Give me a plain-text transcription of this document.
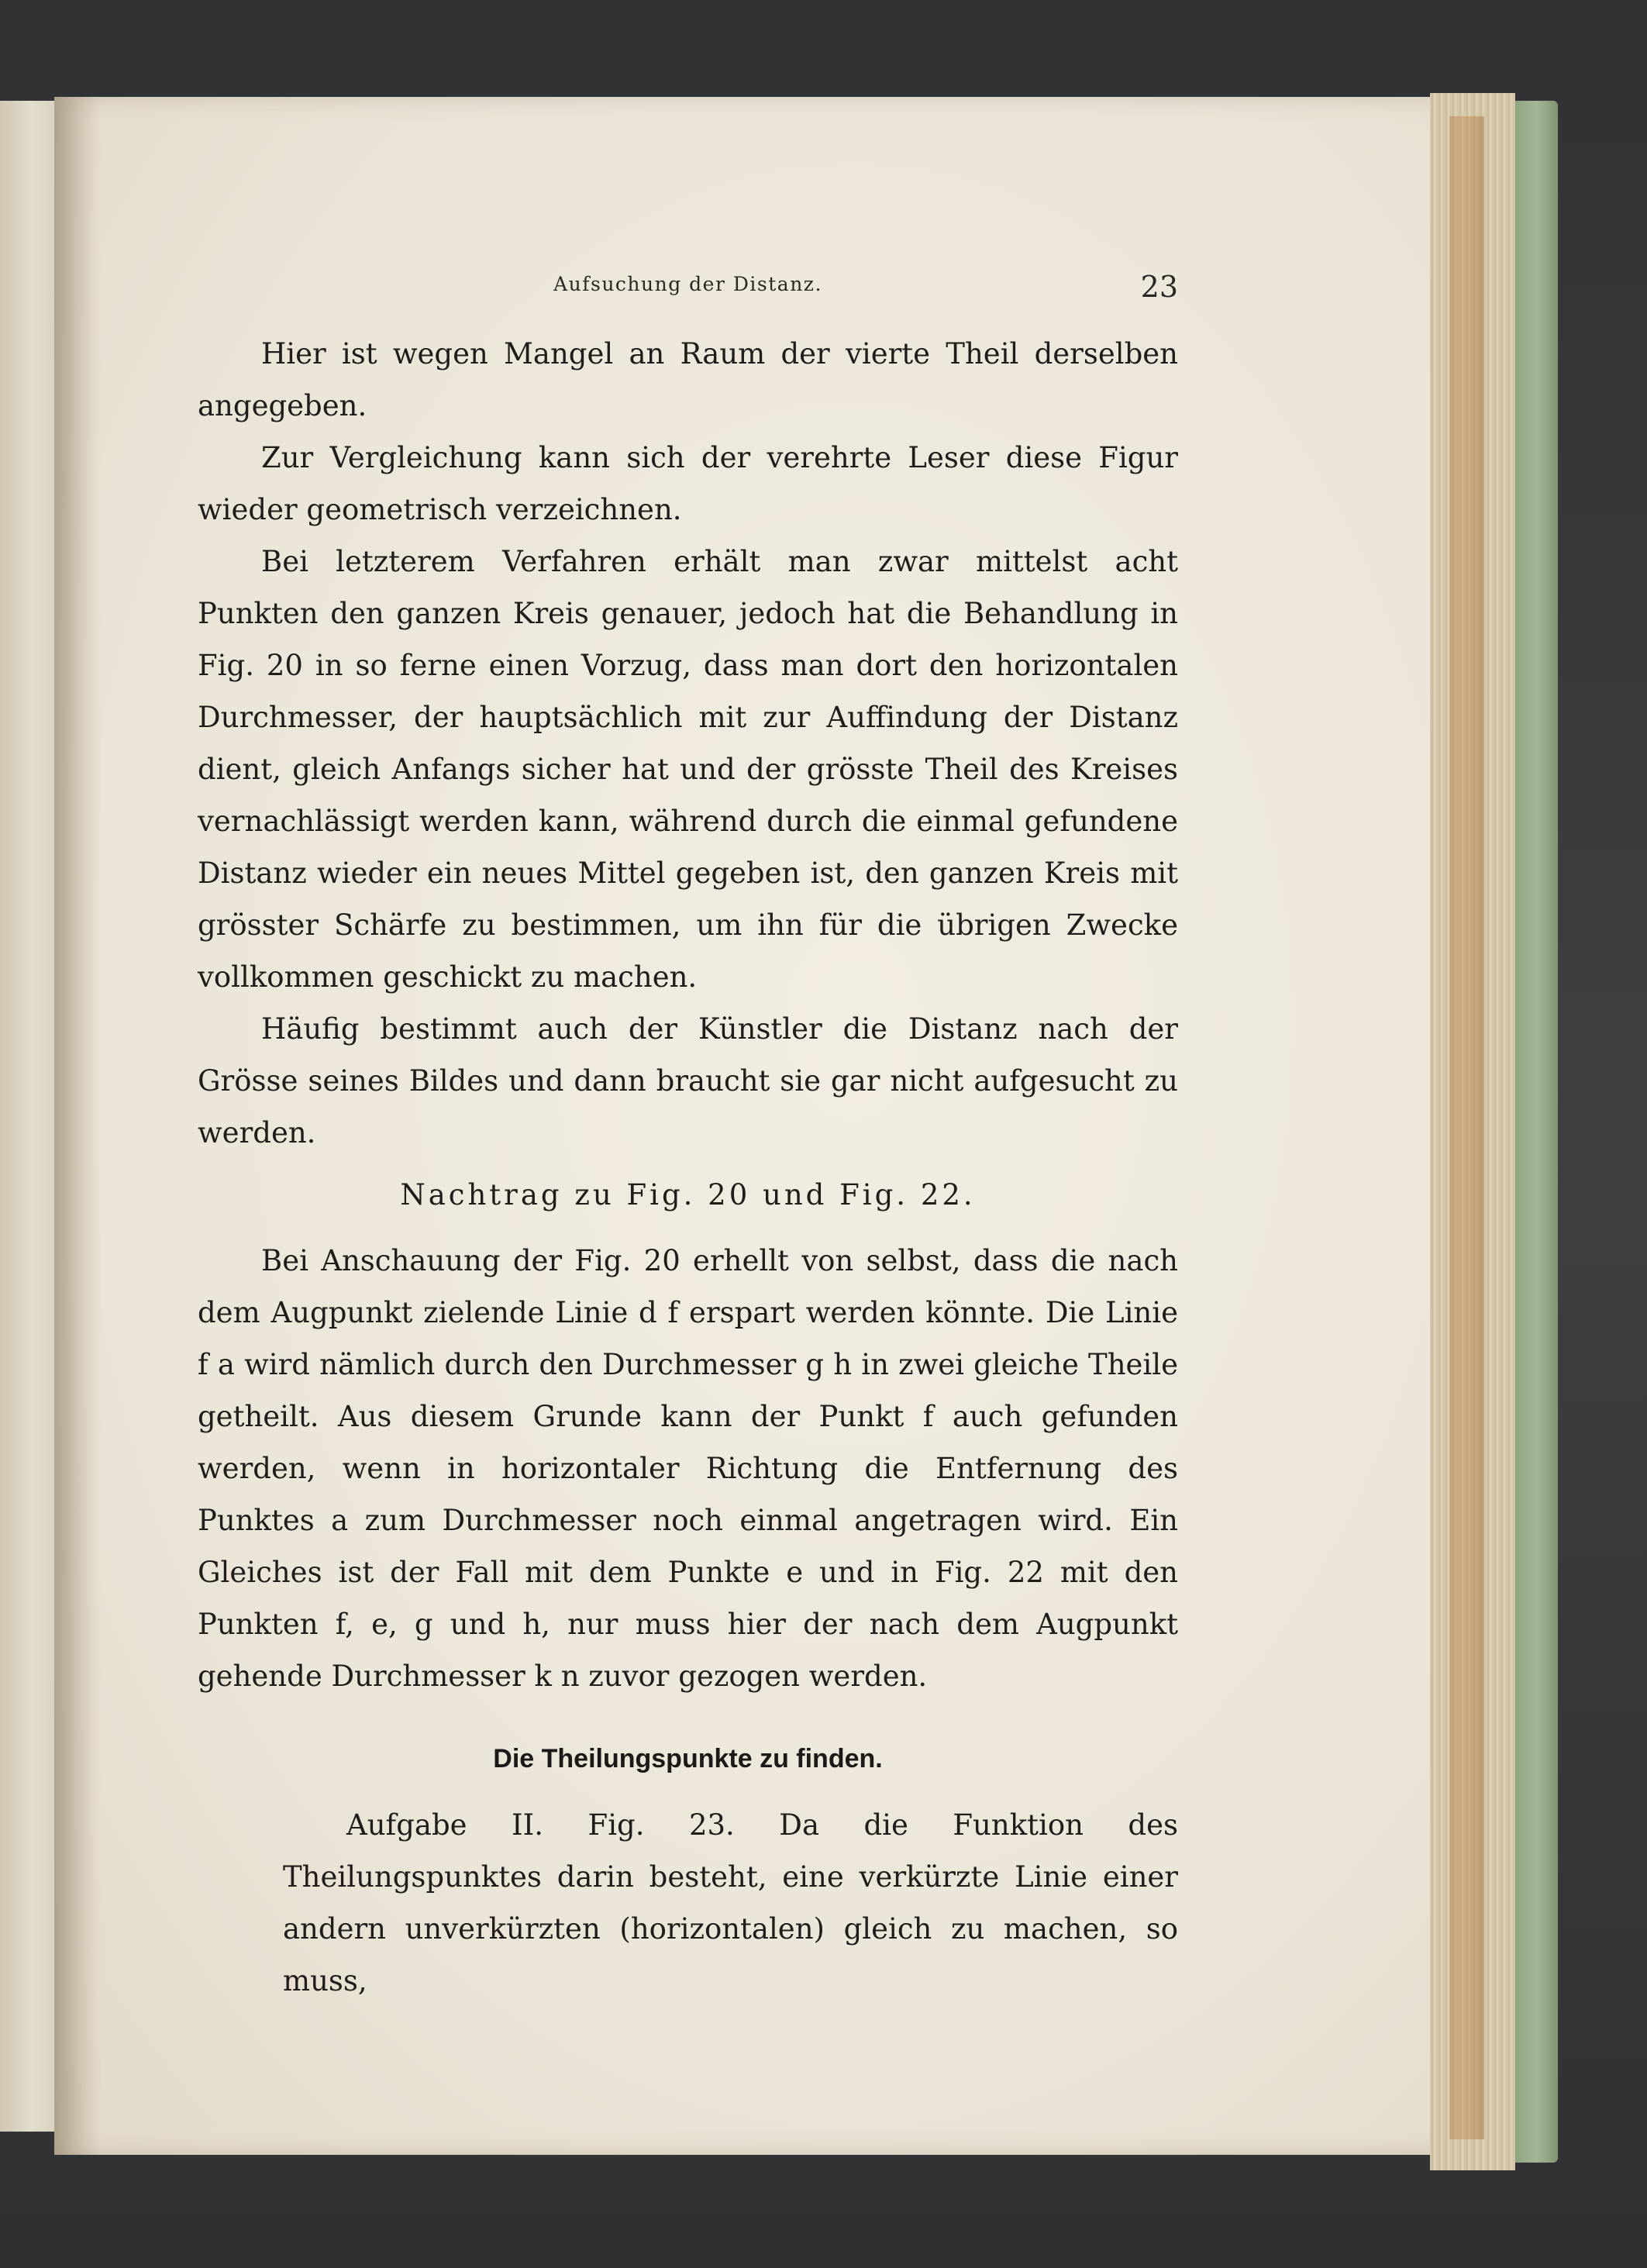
Aufsuchung der Distanz.	23

Hier ist wegen Mangel an Raum der vierte Theil derselben angegeben.

Zur Vergleichung kann sich der verehrte Leser diese Figur wieder geometrisch verzeichnen.

Bei letzterem Verfahren erhält man zwar mittelst acht Punkten den ganzen Kreis genauer, jedoch hat die Behandlung in Fig. 20 in so ferne einen Vorzug, dass man dort den horizontalen Durchmesser, der hauptsächlich mit zur Auffindung der Distanz dient, gleich Anfangs sicher hat und der grösste Theil des Kreises vernachlässigt werden kann, während durch die einmal gefundene Distanz wieder ein neues Mittel gegeben ist, den ganzen Kreis mit grösster Schärfe zu bestimmen, um ihn für die übrigen Zwecke vollkommen geschickt zu machen.

Häufig bestimmt auch der Künstler die Distanz nach der Grösse seines Bildes und dann braucht sie gar nicht aufgesucht zu werden.

Nachtrag zu Fig. 20 und Fig. 22.

Bei Anschauung der Fig. 20 erhellt von selbst, dass die nach dem Augpunkt zielende Linie d f erspart werden könnte. Die Linie f a wird nämlich durch den Durchmesser g h in zwei gleiche Theile getheilt. Aus diesem Grunde kann der Punkt f auch gefunden werden, wenn in horizontaler Richtung die Entfernung des Punktes a zum Durchmesser noch einmal angetragen wird. Ein Gleiches ist der Fall mit dem Punkte e und in Fig. 22 mit den Punkten f, e, g und h, nur muss hier der nach dem Augpunkt gehende Durchmesser k n zuvor gezogen werden.

Die Theilungspunkte zu finden.

Aufgabe II. Fig. 23. Da die Funktion des Theilungspunktes darin besteht, eine verkürzte Linie einer andern unverkürzten (horizontalen) gleich zu machen, so muss,
